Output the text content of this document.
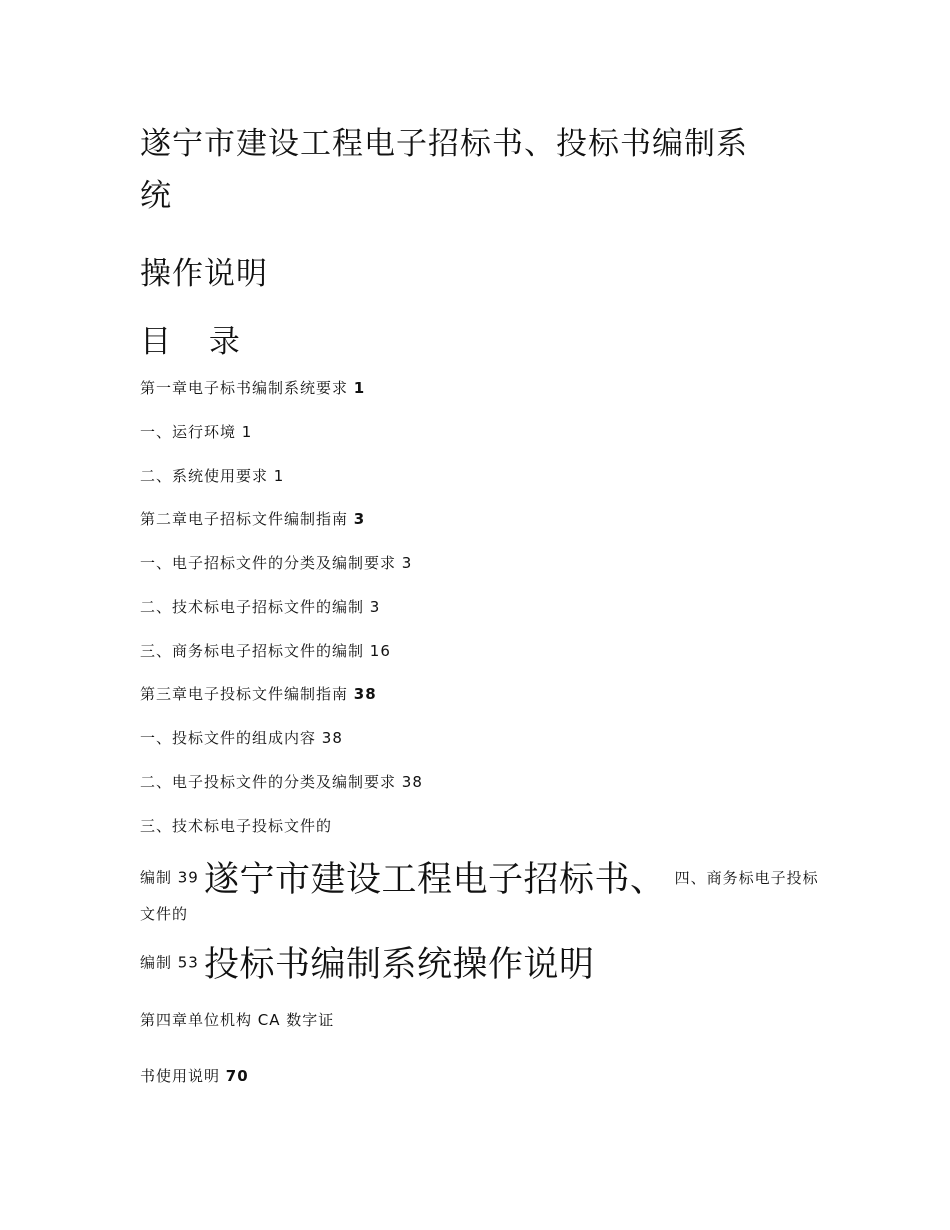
遂宁市建设工程电子招标书、投标书编制系
统
操作说明
目 录
第一章电子标书编制系统要求 1
一、运行环境 1
二、系统使用要求 1
第二章电子招标文件编制指南 3
一、电子招标文件的分类及编制要求 3
二、技术标电子招标文件的编制 3
三、商务标电子招标文件的编制 16
第三章电子投标文件编制指南 38
一、投标文件的组成内容 38
二、电子投标文件的分类及编制要求 38
三、技术标电子投标文件的
编制 39 遂宁市建设工程电子招标书、 四、商务标电子投标
文件的
编制 53 投标书编制系统操作说明
第四章单位机构 CA 数字证
书使用说明 70
